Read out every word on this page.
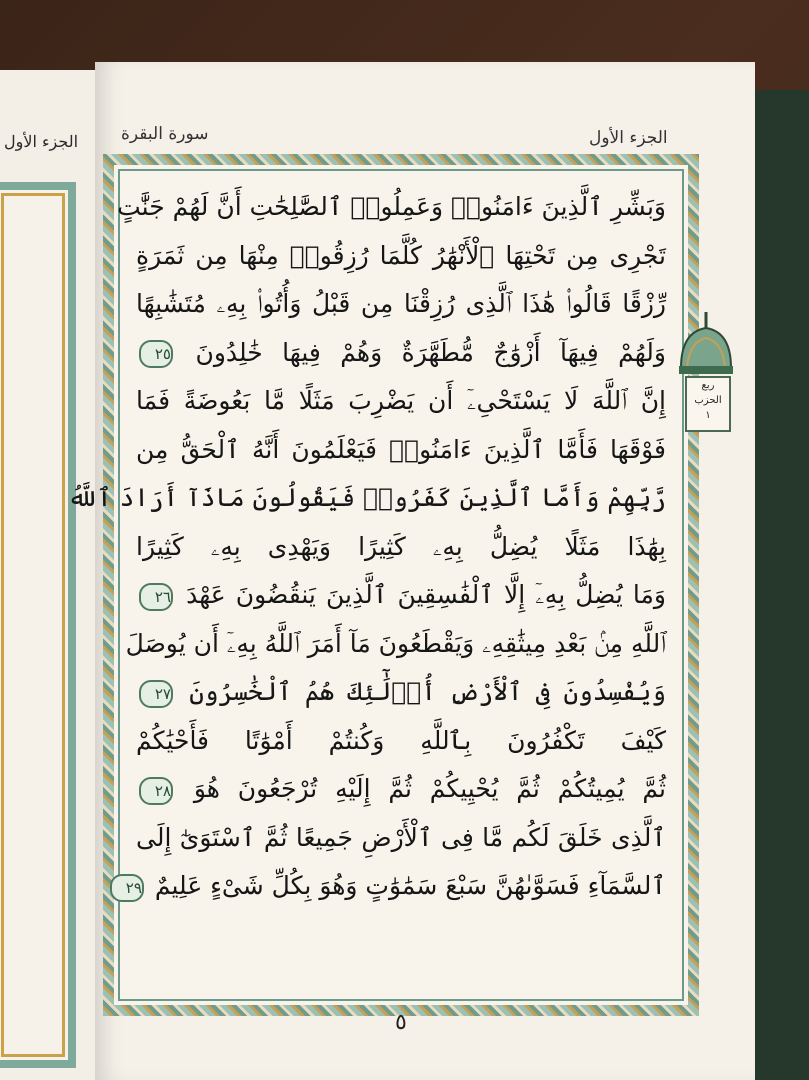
الجزء الأول	الجزء الأول
سورة البقرة
وَبَشِّرِ ٱلَّذِينَ ءَامَنُوا۟ وَعَمِلُوا۟ ٱلصَّٰلِحَٰتِ أَنَّ لَهُمْ جَنَّٰتٍ
تَجْرِى مِن تَحْتِهَا ٱلْأَنْهَٰرُ كُلَّمَا رُزِقُوا۟ مِنْهَا مِن ثَمَرَةٍ
رِّزْقًا قَالُوا۟ هَٰذَا ٱلَّذِى رُزِقْنَا مِن قَبْلُ وَأُتُوا۟ بِهِۦ مُتَشَٰبِهًا
وَلَهُمْ فِيهَآ أَزْوَٰجٌ مُّطَهَّرَةٌ وَهُمْ فِيهَا خَٰلِدُونَ ٢٥
إِنَّ ٱللَّهَ لَا يَسْتَحْىِۦٓ أَن يَضْرِبَ مَثَلًا مَّا بَعُوضَةً فَمَا
فَوْقَهَا فَأَمَّا ٱلَّذِينَ ءَامَنُوا۟ فَيَعْلَمُونَ أَنَّهُ ٱلْحَقُّ مِن
رَّبِّهِمْ وَأَمَّا ٱلَّذِينَ كَفَرُوا۟ فَيَقُولُونَ مَاذَآ أَرَادَ ٱللَّهُ
بِهَٰذَا مَثَلًا يُضِلُّ بِهِۦ كَثِيرًا وَيَهْدِى بِهِۦ كَثِيرًا
وَمَا يُضِلُّ بِهِۦٓ إِلَّا ٱلْفَٰسِقِينَ ٱلَّذِينَ يَنقُضُونَ عَهْدَ ٢٦
ٱللَّهِ مِنۢ بَعْدِ مِيثَٰقِهِۦ وَيَقْطَعُونَ مَآ أَمَرَ ٱللَّهُ بِهِۦٓ أَن يُوصَلَ
وَيُفْسِدُونَ فِى ٱلْأَرْضِ أُو۟لَٰٓئِكَ هُمُ ٱلْخَٰسِرُونَ ٢٧
كَيْفَ تَكْفُرُونَ بِٱللَّهِ وَكُنتُمْ أَمْوَٰتًا فَأَحْيَٰكُمْ
ثُمَّ يُمِيتُكُمْ ثُمَّ يُحْيِيكُمْ ثُمَّ إِلَيْهِ تُرْجَعُونَ هُوَ ٢٨
ٱلَّذِى خَلَقَ لَكُم مَّا فِى ٱلْأَرْضِ جَمِيعًا ثُمَّ ٱسْتَوَىٰٓ إِلَى
ٱلسَّمَآءِ فَسَوَّىٰهُنَّ سَبْعَ سَمَٰوَٰتٍ وَهُوَ بِكُلِّ شَىْءٍ عَلِيمٌ ٢٩
٥
ربع
الحزب
١
